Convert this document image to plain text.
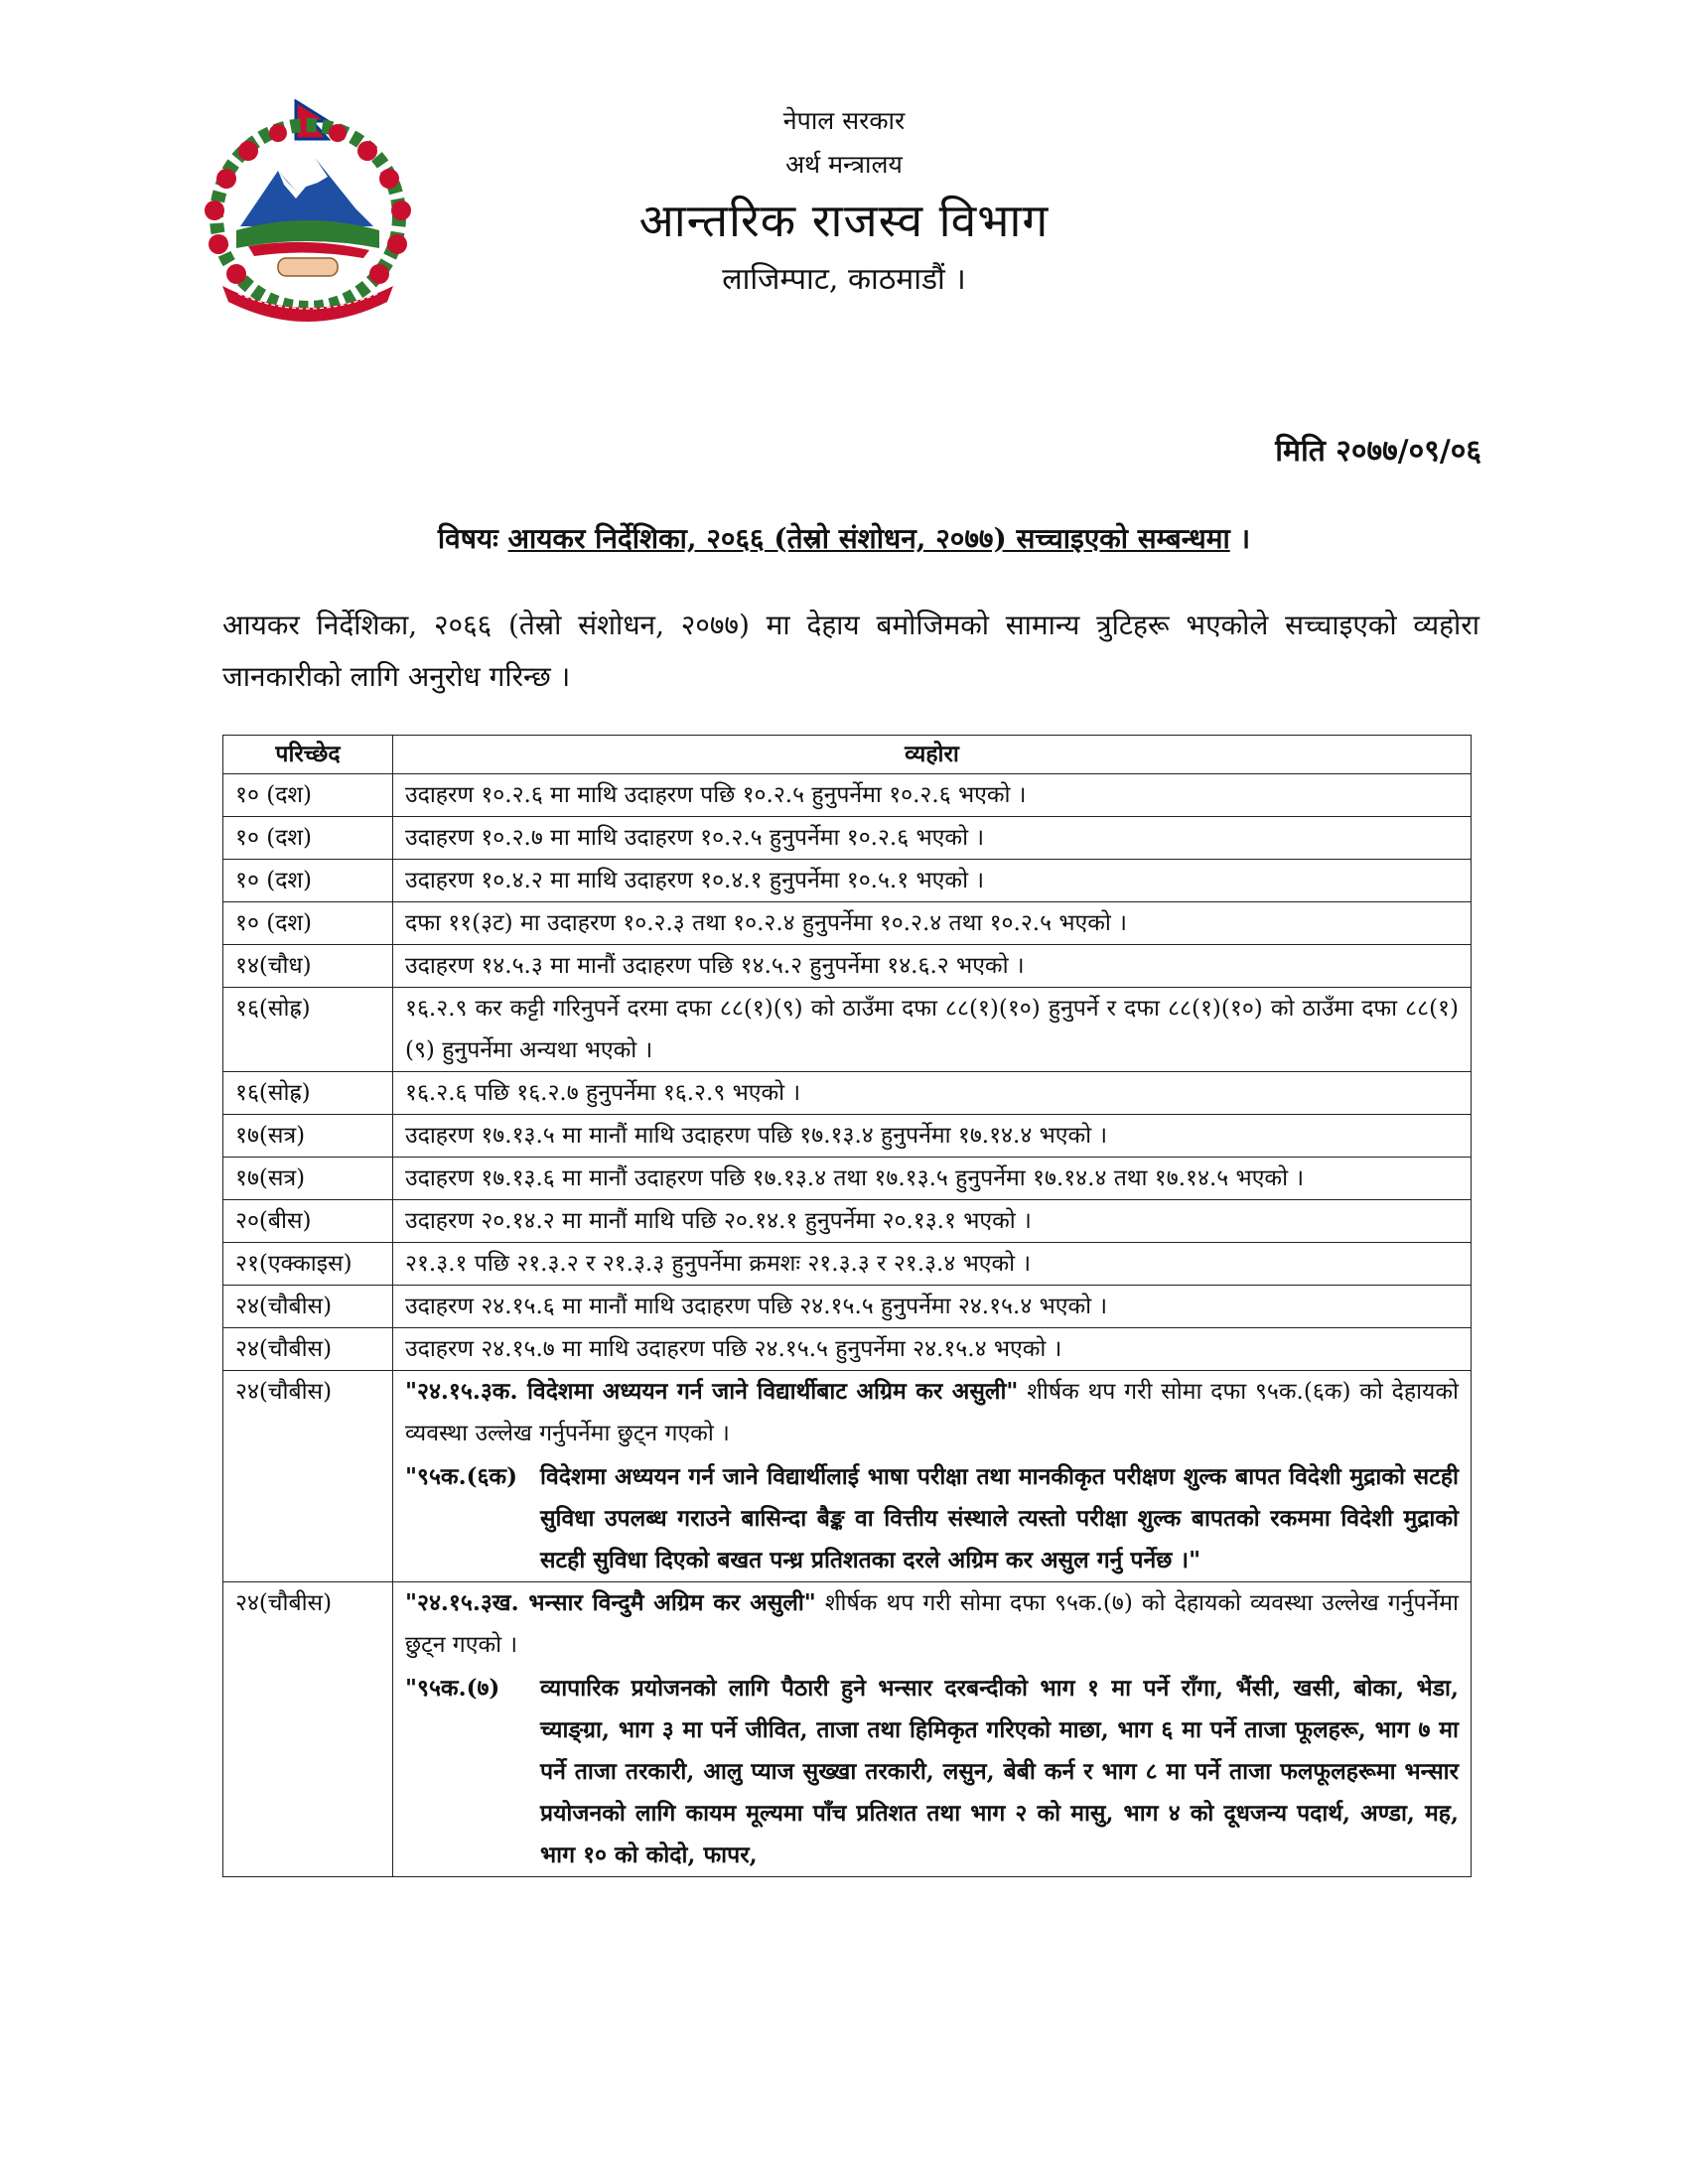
नेपाल सरकार
अर्थ मन्त्रालय
आन्तरिक राजस्व विभाग
लाजिम्पाट, काठमाडौं ।
मिति २०७७/०९/०६
विषयः आयकर निर्देशिका, २०६६ (तेस्रो संशोधन, २०७७) सच्चाइएको सम्बन्धमा ।
आयकर निर्देशिका, २०६६ (तेस्रो संशोधन, २०७७) मा देहाय बमोजिमको सामान्य त्रुटिहरू भएकोले सच्चाइएको व्यहोरा जानकारीको लागि अनुरोध गरिन्छ ।
परिच्छेद	व्यहोरा
१० (दश)	उदाहरण १०.२.६ मा माथि उदाहरण पछि १०.२.५ हुनुपर्नेमा १०.२.६ भएको ।
१० (दश)	उदाहरण १०.२.७ मा माथि उदाहरण १०.२.५ हुनुपर्नेमा १०.२.६ भएको ।
१० (दश)	उदाहरण १०.४.२ मा माथि उदाहरण १०.४.१ हुनुपर्नेमा १०.५.१ भएको ।
१० (दश)	दफा ११(३ट) मा उदाहरण १०.२.३ तथा १०.२.४ हुनुपर्नेमा १०.२.४ तथा १०.२.५ भएको ।
१४(चौध)	उदाहरण १४.५.३ मा मानौं उदाहरण पछि १४.५.२ हुनुपर्नेमा १४.६.२ भएको ।
१६(सोह्र)	१६.२.९ कर कट्टी गरिनुपर्ने दरमा दफा ८८(१)(९) को ठाउँमा दफा ८८(१)(१०) हुनुपर्ने र दफा ८८(१)(१०) को ठाउँमा दफा ८८(१)(९) हुनुपर्नेमा अन्यथा भएको ।
१६(सोह्र)	१६.२.६ पछि १६.२.७ हुनुपर्नेमा १६.२.९ भएको ।
१७(सत्र)	उदाहरण १७.१३.५ मा मानौं माथि उदाहरण पछि १७.१३.४ हुनुपर्नेमा १७.१४.४ भएको ।
१७(सत्र)	उदाहरण १७.१३.६ मा मानौं उदाहरण पछि १७.१३.४ तथा १७.१३.५ हुनुपर्नेमा १७.१४.४ तथा १७.१४.५ भएको ।
२०(बीस)	उदाहरण २०.१४.२ मा मानौं माथि पछि २०.१४.१ हुनुपर्नेमा २०.१३.१ भएको ।
२१(एक्काइस)	२१.३.१ पछि २१.३.२ र २१.३.३ हुनुपर्नेमा क्रमशः २१.३.३ र २१.३.४ भएको ।
२४(चौबीस)	उदाहरण २४.१५.६ मा मानौं माथि उदाहरण पछि २४.१५.५ हुनुपर्नेमा २४.१५.४ भएको ।
२४(चौबीस)	उदाहरण २४.१५.७ मा माथि उदाहरण पछि २४.१५.५ हुनुपर्नेमा २४.१५.४ भएको ।
२४(चौबीस)	"२४.१५.३क. विदेशमा अध्ययन गर्न जाने विद्यार्थीबाट अग्रिम कर असुली" शीर्षक थप गरी सोमा दफा ९५क.(६क) को देहायको व्यवस्था उल्लेख गर्नुपर्नेमा छुट्न गएको ।
"९५क.(६क) विदेशमा अध्ययन गर्न जाने विद्यार्थीलाई भाषा परीक्षा तथा मानकीकृत परीक्षण शुल्क बापत विदेशी मुद्राको सटही सुविधा उपलब्ध गराउने बासिन्दा बैङ्क वा वित्तीय संस्थाले त्यस्तो परीक्षा शुल्क बापतको रकममा विदेशी मुद्राको सटही सुविधा दिएको बखत पन्ध्र प्रतिशतका दरले अग्रिम कर असुल गर्नु पर्नेछ ।"

२४(चौबीस)	"२४.१५.३ख. भन्सार विन्दुमै अग्रिम कर असुली" शीर्षक थप गरी सोमा दफा ९५क.(७) को देहायको व्यवस्था उल्लेख गर्नुपर्नेमा छुट्न गएको ।
"९५क.(७) व्यापारिक प्रयोजनको लागि पैठारी हुने भन्सार दरबन्दीको भाग १ मा पर्ने राँगा, भैंसी, खसी, बोका, भेडा, च्याङ्ग्रा, भाग ३ मा पर्ने जीवित, ताजा तथा हिमिकृत गरिएको माछा, भाग ६ मा पर्ने ताजा फूलहरू, भाग ७ मा पर्ने ताजा तरकारी, आलु प्याज सुख्खा तरकारी, लसुन, बेबी कर्न र भाग ८ मा पर्ने ताजा फलफूलहरूमा भन्सार प्रयोजनको लागि कायम मूल्यमा पाँच प्रतिशत तथा भाग २ को मासु, भाग ४ को दूधजन्य पदार्थ, अण्डा, मह, भाग १० को कोदो, फापर,
